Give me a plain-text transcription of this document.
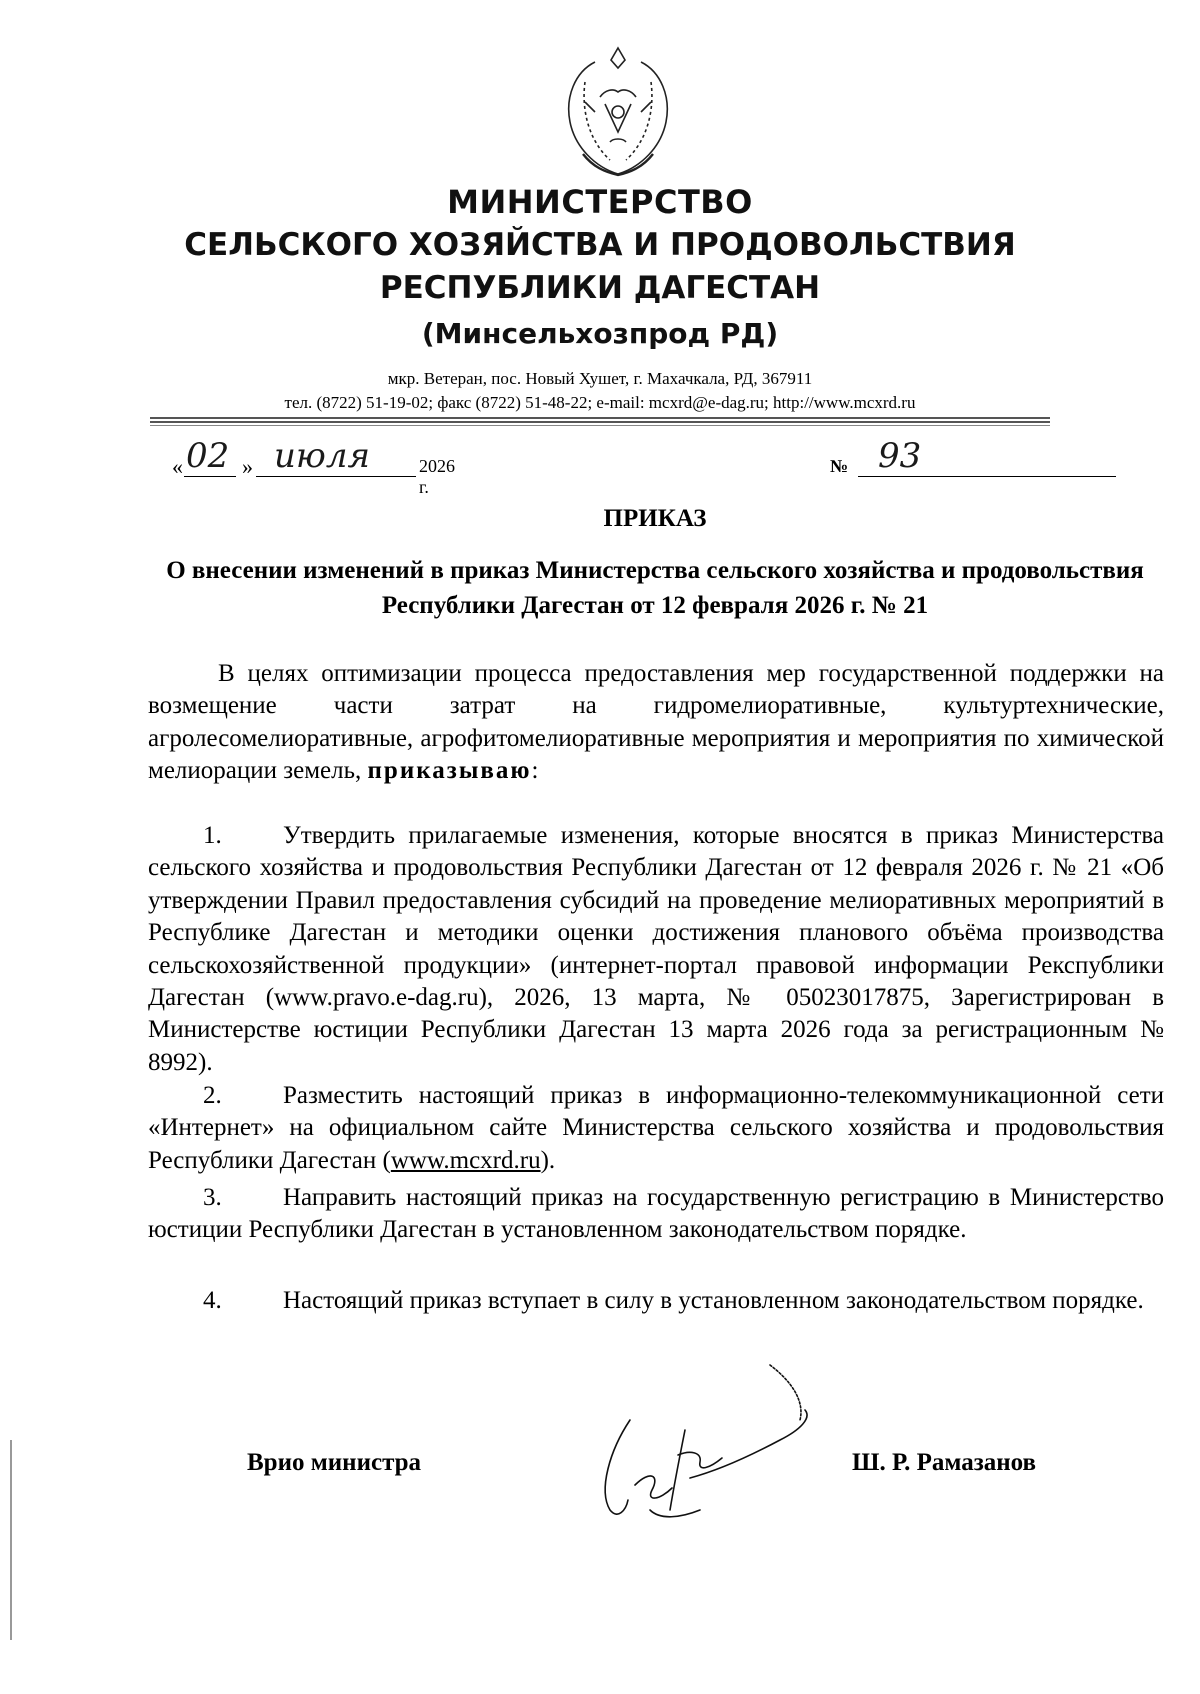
МИНИСТЕРСТВО
СЕЛЬСКОГО ХОЗЯЙСТВА И ПРОДОВОЛЬСТВИЯ
РЕСПУБЛИКИ ДАГЕСТАН
(Минсельхозпрод РД)
мкр. Ветеран, пос. Новый Хушет, г. Махачкала, РД, 367911
тел. (8722) 51-19-02; факс (8722) 51-48-22; e-mail: mcxrd@e-dag.ru; http://www.mcxrd.ru
« 02 » июля	2026 г.
№ 93
ПРИКАЗ
О внесении изменений в приказ Министерства сельского хозяйства и продовольствия Республики Дагестан от 12 февраля 2026 г. № 21
В целях оптимизации процесса предоставления мер государственной поддержки на возмещение части затрат на гидромелиоративные, культуртехнические, агролесомелиоративные, агрофитомелиоративные мероприятия и мероприятия по химической мелиорации земель, приказываю:
1. Утвердить прилагаемые изменения, которые вносятся в приказ Министерства сельского хозяйства и продовольствия Республики Дагестан от 12 февраля 2026 г. № 21 «Об утверждении Правил предоставления субсидий на проведение мелиоративных мероприятий в Республике Дагестан и методики оценки достижения планового объёма производства сельскохозяйственной продукции» (интернет-портал правовой информации Рекспублики Дагестан (www.pravo.e-dag.ru), 2026, 13 марта, № 05023017875, Зарегистрирован в Министерстве юстиции Республики Дагестан 13 марта 2026 года за регистрационным № 8992).
2. Разместить настоящий приказ в информационно-телекоммуникационной сети «Интернет» на официальном сайте Министерства сельского хозяйства и продовольствия Республики Дагестан (www.mcxrd.ru).
3. Направить настоящий приказ на государственную регистрацию в Министерство юстиции Республики Дагестан в установленном законодательством порядке.
4. Настоящий приказ вступает в силу в установленном законодательством порядке.
Врио министра	Ш. Р. Рамазанов
